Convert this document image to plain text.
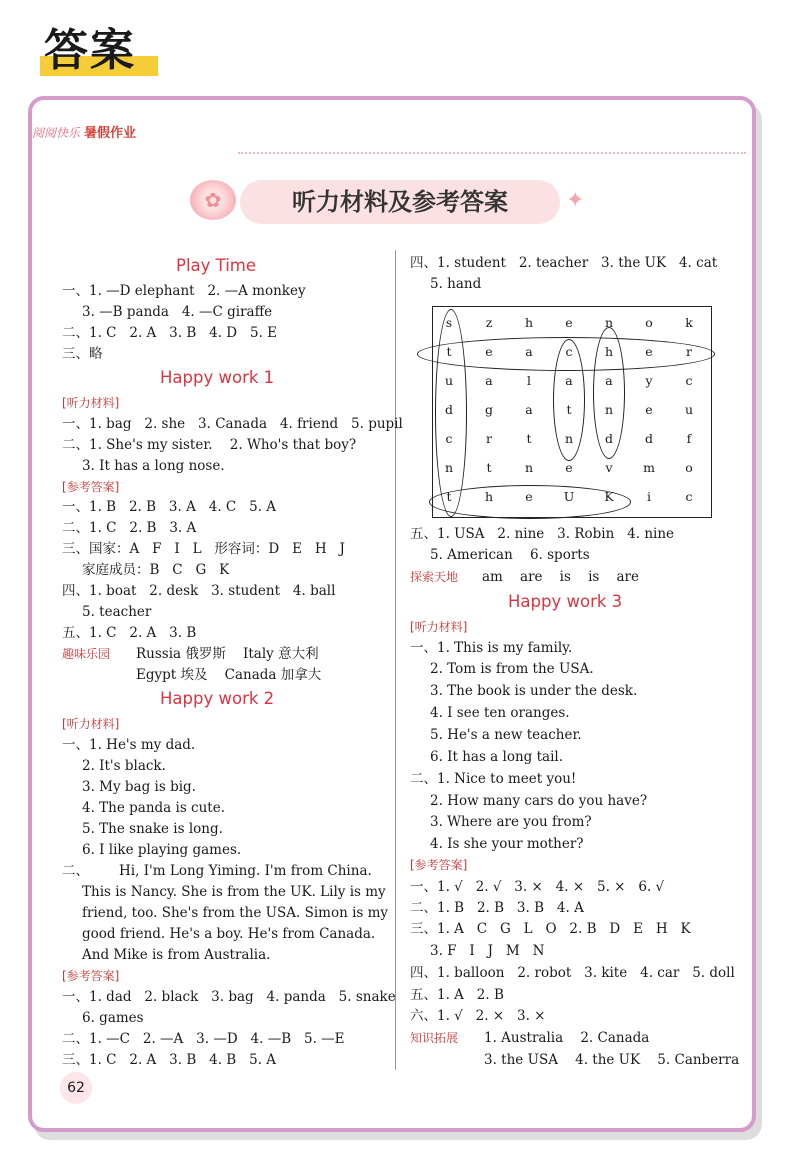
答案
阅阅快乐 暑假作业
✿	听力材料及参考答案	✦
Play Time
一、1. —D elephant   2. —A monkey
3. —B panda   4. —C giraffe
二、1. C   2. A   3. B   4. D   5. E
三、略
Happy work 1
[听力材料]
一、1. bag   2. she   3. Canada   4. friend   5. pupil
二、1. She's my sister.    2. Who's that boy?
3. It has a long nose.
[参考答案]
一、1. B   2. B   3. A   4. C   5. A
二、1. C   2. B   3. A
三、国家：A   F   I   L   形容词：D   E   H   J
家庭成员：B   C   G   K
四、1. boat   2. desk   3. student   4. ball
5. teacher
五、1. C   2. A   3. B
趣味乐园 Russia 俄罗斯    Italy 意大利
Egypt 埃及    Canada 加拿大
Happy work 2
[听力材料]
一、1. He's my dad.
2. It's black.
3. My bag is big.
4. The panda is cute.
5. The snake is long.
6. I like playing games.
二、       Hi, I'm Long Yiming. I'm from China.
This is Nancy. She is from the UK. Lily is my
friend, too. She's from the USA. Simon is my
good friend. He's a boy. He's from Canada.
And Mike is from Australia.
[参考答案]
一、1. dad   2. black   3. bag   4. panda   5. snake
6. games
二、1. —C   2. —A   3. —D   4. —B   5. —E
三、1. C   2. A   3. B   4. B   5. A
四、1. student   2. teacher   3. the UK   4. cat
5. hand
五、1. USA   2. nine   3. Robin   4. nine
5. American    6. sports
探索天地 am    are    is    is    are
Happy work 3
[听力材料]
一、1. This is my family.
2. Tom is from the USA.
3. The book is under the desk.
4. I see ten oranges.
5. He's a new teacher.
6. It has a long tail.
二、1. Nice to meet you!
2. How many cars do you have?
3. Where are you from?
4. Is she your mother?
[参考答案]
一、1. √   2. √   3. ×   4. ×   5. ×   6. √
二、1. B   2. B   3. B   4. A
三、1. A   C   G   L   O   2. B   D   E   H   K
3. F   I   J   M   N
四、1. balloon   2. robot   3. kite   4. car   5. doll
五、1. A   2. B
六、1. √   2. ×   3. ×
知识拓展 1. Australia    2. Canada
3. the USA    4. the UK    5. Canberra
s	z	h	e	n	o	k
t	e	a	c	h	e	r
u	a	l	a	a	y	c
d	g	a	t	n	e	u
c	r	t	n	d	d	f
n	t	n	e	v	m	o
t	h	e	U	K	i	c
62
